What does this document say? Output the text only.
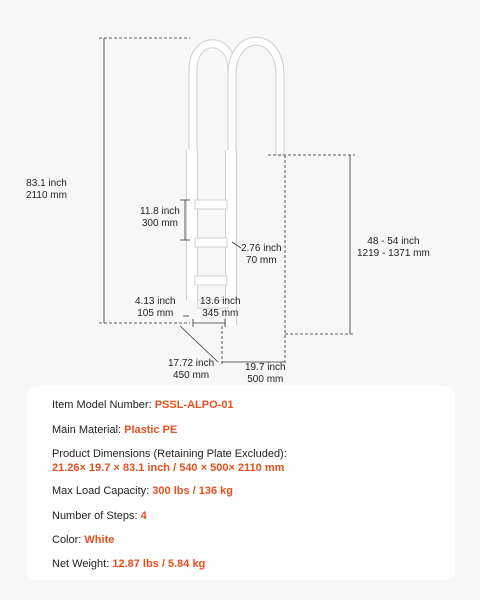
83.1 inch
2110 mm
11.8 inch
300 mm
2.76 inch
70 mm
13.6 inch
345 mm
4.13 inch
105 mm
17.72 inch
450 mm
19.7 inch
500 mm
48 - 54 inch
1219 - 1371 mm
Item Model Number: PSSL-ALPO-01
Main Material: Plastic PE
Product Dimensions (Retaining Plate Excluded):
21.26× 19.7 × 83.1 inch / 540 × 500× 2110 mm
Max Load Capacity: 300 lbs / 136 kg
Number of Steps: 4
Color: White
Net Weight: 12.87 lbs / 5.84 kg
